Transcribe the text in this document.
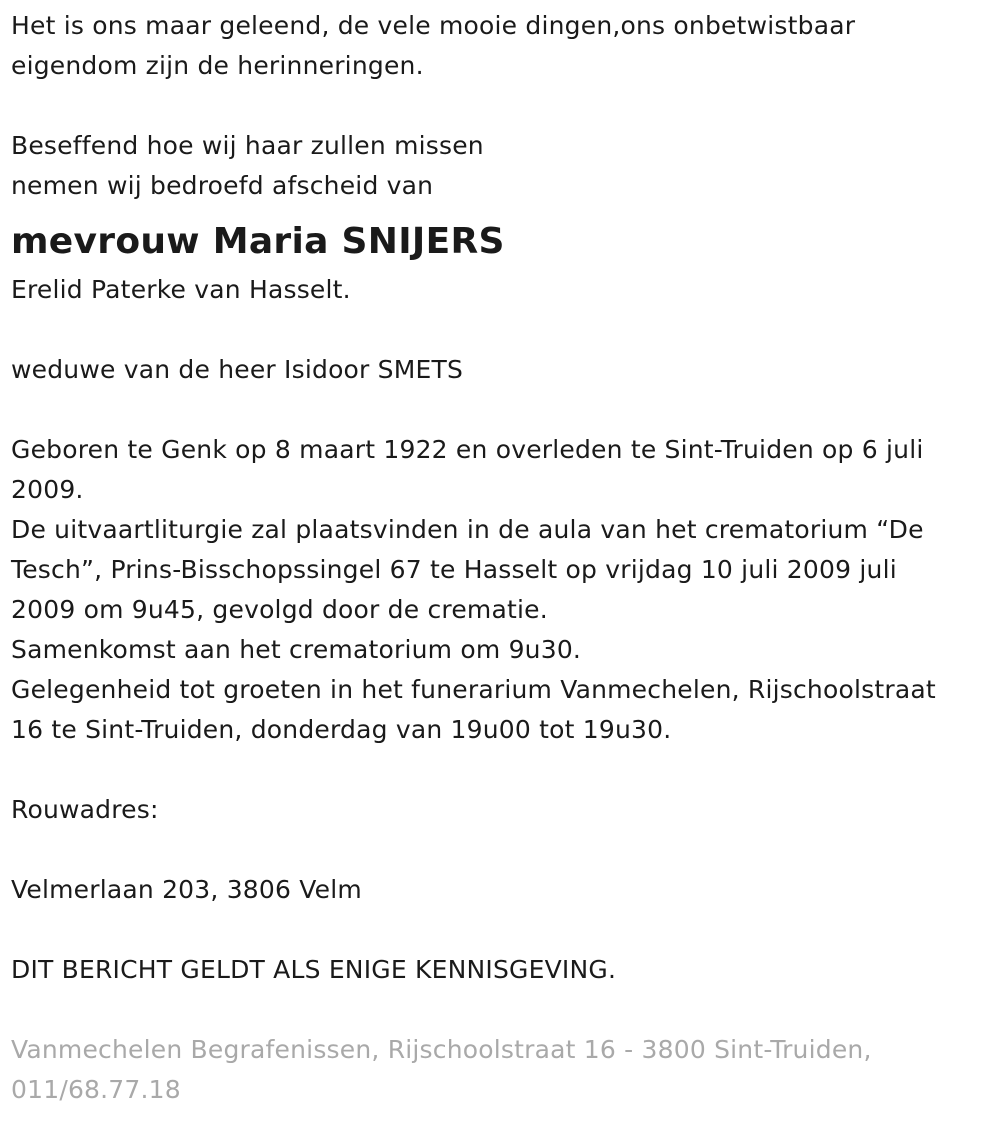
Het is ons maar geleend, de vele mooie dingen,ons onbetwistbaar
eigendom zijn de herinneringen.
Beseffend hoe wij haar zullen missen
nemen wij bedroefd afscheid van
mevrouw Maria SNIJERS
Erelid Paterke van Hasselt.
weduwe van de heer Isidoor SMETS
Geboren te Genk op 8 maart 1922 en overleden te Sint-Truiden op 6 juli
2009.
De uitvaartliturgie zal plaatsvinden in de aula van het crematorium “De
Tesch”, Prins-Bisschopssingel 67 te Hasselt op vrijdag 10 juli 2009 juli
2009 om 9u45, gevolgd door de crematie.
Samenkomst aan het crematorium om 9u30.
Gelegenheid tot groeten in het funerarium Vanmechelen, Rijschoolstraat
16 te Sint-Truiden, donderdag van 19u00 tot 19u30.
Rouwadres:
Velmerlaan 203, 3806 Velm
DIT BERICHT GELDT ALS ENIGE KENNISGEVING.
Vanmechelen Begrafenissen, Rijschoolstraat 16 - 3800 Sint-Truiden,
011/68.77.18
